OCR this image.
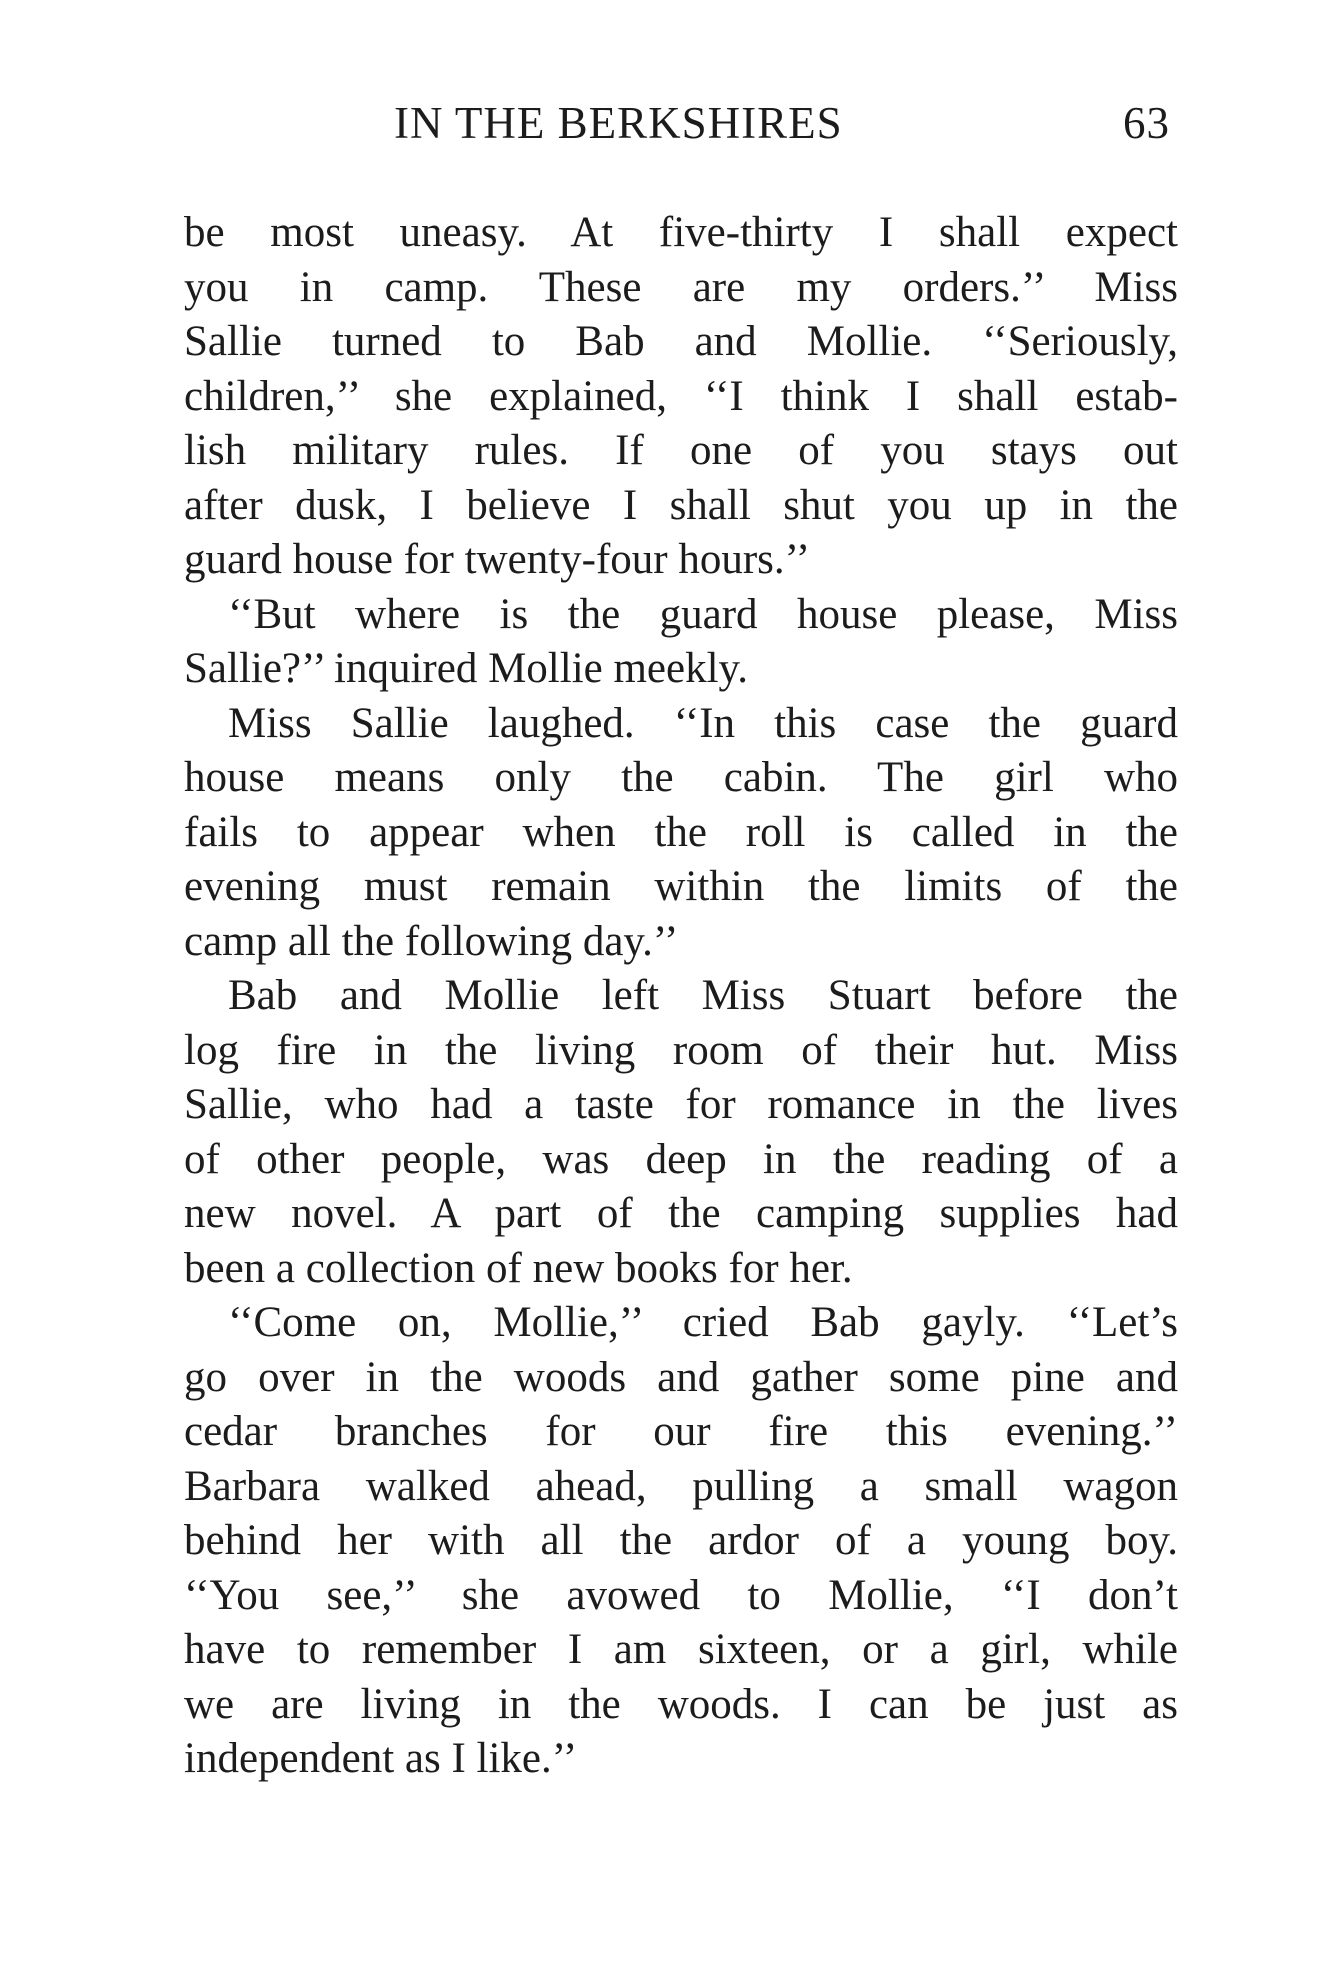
IN THE BERKSHIRES	63
be most uneasy. At five-thirty I shall expect
you in camp. These are my orders.’’ Miss
Sallie turned to Bab and Mollie. ‘‘Seriously,
children,’’ she explained, ‘‘I think I shall estab-
lish military rules. If one of you stays out
after dusk, I believe I shall shut you up in the
guard house for twenty-four hours.’’
‘‘But where is the guard house please, Miss
Sallie?’’ inquired Mollie meekly.
Miss Sallie laughed. ‘‘In this case the guard
house means only the cabin. The girl who
fails to appear when the roll is called in the
evening must remain within the limits of the
camp all the following day.’’
Bab and Mollie left Miss Stuart before the
log fire in the living room of their hut. Miss
Sallie, who had a taste for romance in the lives
of other people, was deep in the reading of a
new novel. A part of the camping supplies had
been a collection of new books for her.
‘‘Come on, Mollie,’’ cried Bab gayly. ‘‘Let’s
go over in the woods and gather some pine and
cedar branches for our fire this evening.’’
Barbara walked ahead, pulling a small wagon
behind her with all the ardor of a young boy.
‘‘You see,’’ she avowed to Mollie, ‘‘I don’t
have to remember I am sixteen, or a girl, while
we are living in the woods. I can be just as
independent as I like.’’
